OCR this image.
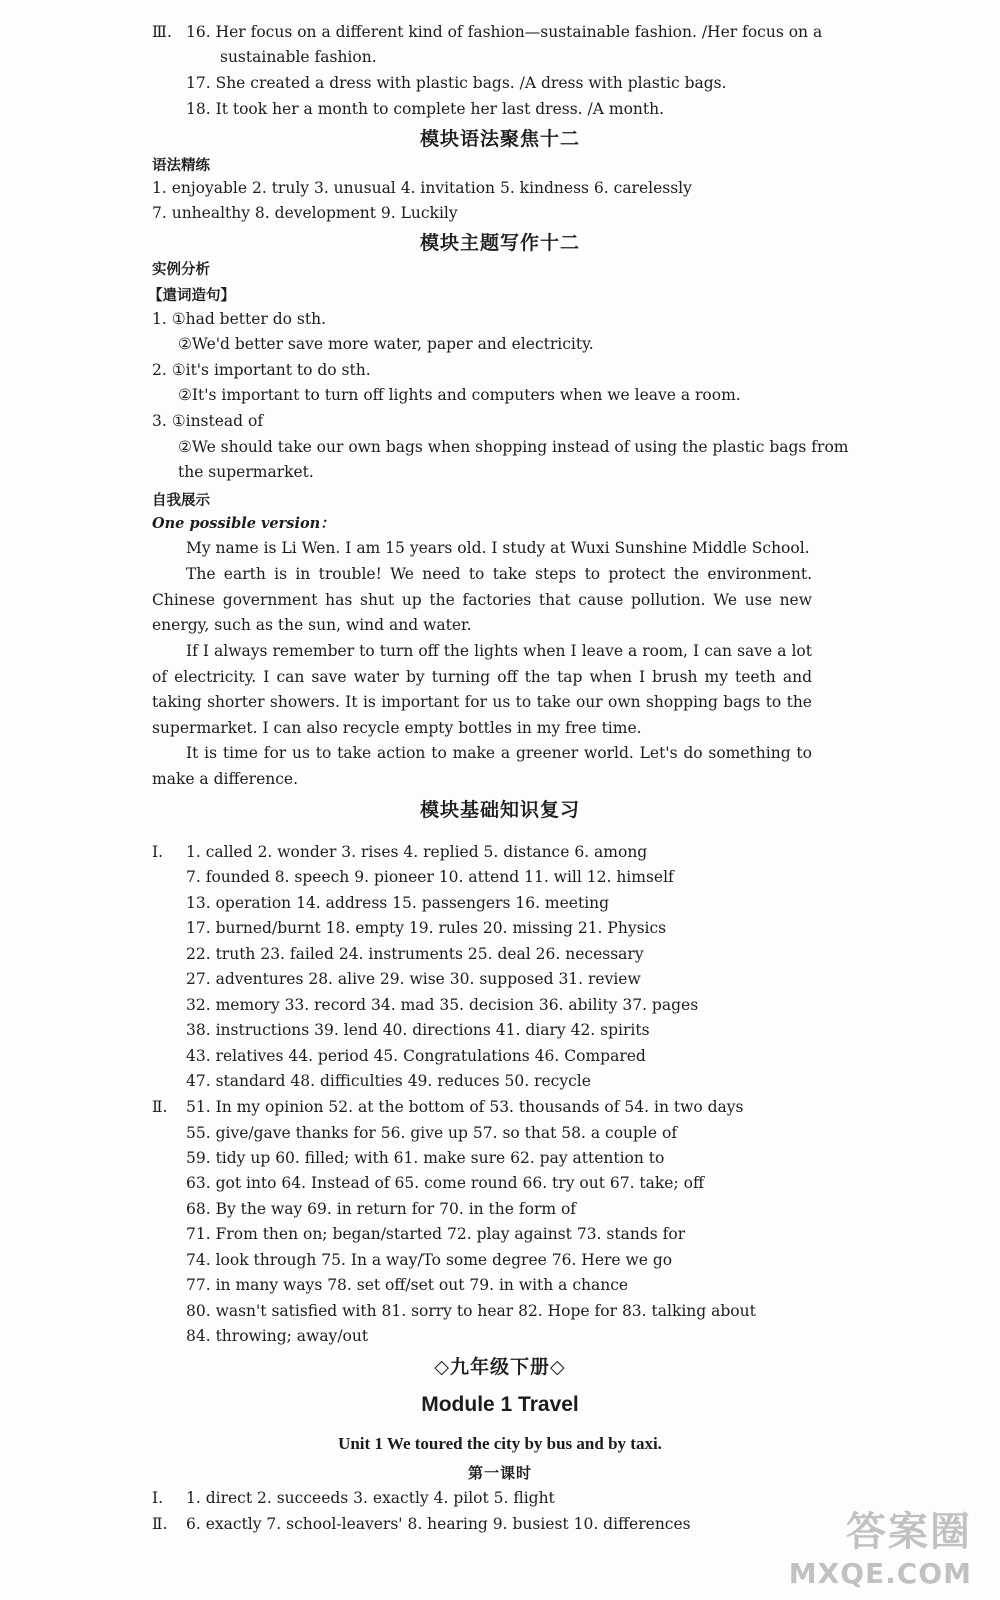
Ⅲ. 16. Her focus on a different kind of fashion—sustainable fashion. /Her focus on a
sustainable fashion.
17. She created a dress with plastic bags. /A dress with plastic bags.
18. It took her a month to complete her last dress. /A month.
模块语法聚焦十二
语法精练
1. enjoyable 2. truly 3. unusual 4. invitation 5. kindness 6. carelessly
7. unhealthy 8. development 9. Luckily
模块主题写作十二
实例分析
【遣词造句】
1. ①had better do sth.
②We'd better save more water, paper and electricity.
2. ①it's important to do sth.
②It's important to turn off lights and computers when we leave a room.
3. ①instead of
②We should take our own bags when shopping instead of using the plastic bags from
the supermarket.
自我展示
One possible version：
My name is Li Wen. I am 15 years old. I study at Wuxi Sunshine Middle School.
The earth is in trouble! We need to take steps to protect the environment. Chinese government has shut up the factories that cause pollution. We use new energy, such as the sun, wind and water.
If I always remember to turn off the lights when I leave a room, I can save a lot of electricity. I can save water by turning off the tap when I brush my teeth and taking shorter showers. It is important for us to take our own shopping bags to the supermarket. I can also recycle empty bottles in my free time.
It is time for us to take action to make a greener world. Let's do something to make a difference.
模块基础知识复习
Ⅰ. 1. called 2. wonder 3. rises 4. replied 5. distance 6. among
7. founded 8. speech 9. pioneer 10. attend 11. will 12. himself
13. operation 14. address 15. passengers 16. meeting
17. burned/burnt 18. empty 19. rules 20. missing 21. Physics
22. truth 23. failed 24. instruments 25. deal 26. necessary
27. adventures 28. alive 29. wise 30. supposed 31. review
32. memory 33. record 34. mad 35. decision 36. ability 37. pages
38. instructions 39. lend 40. directions 41. diary 42. spirits
43. relatives 44. period 45. Congratulations 46. Compared
47. standard 48. difficulties 49. reduces 50. recycle
Ⅱ. 51. In my opinion 52. at the bottom of 53. thousands of 54. in two days
55. give/gave thanks for 56. give up 57. so that 58. a couple of
59. tidy up 60. filled; with 61. make sure 62. pay attention to
63. got into 64. Instead of 65. come round 66. try out 67. take; off
68. By the way 69. in return for 70. in the form of
71. From then on; began/started 72. play against 73. stands for
74. look through 75. In a way/To some degree 76. Here we go
77. in many ways 78. set off/set out 79. in with a chance
80. wasn't satisfied with 81. sorry to hear 82. Hope for 83. talking about
84. throwing; away/out
◇九年级下册◇
Module 1 Travel
Unit 1 We toured the city by bus and by taxi.
第一课时
Ⅰ. 1. direct 2. succeeds 3. exactly 4. pilot 5. flight
Ⅱ. 6. exactly 7. school-leavers' 8. hearing 9. busiest 10. differences	答案圈
MXQE.COM
